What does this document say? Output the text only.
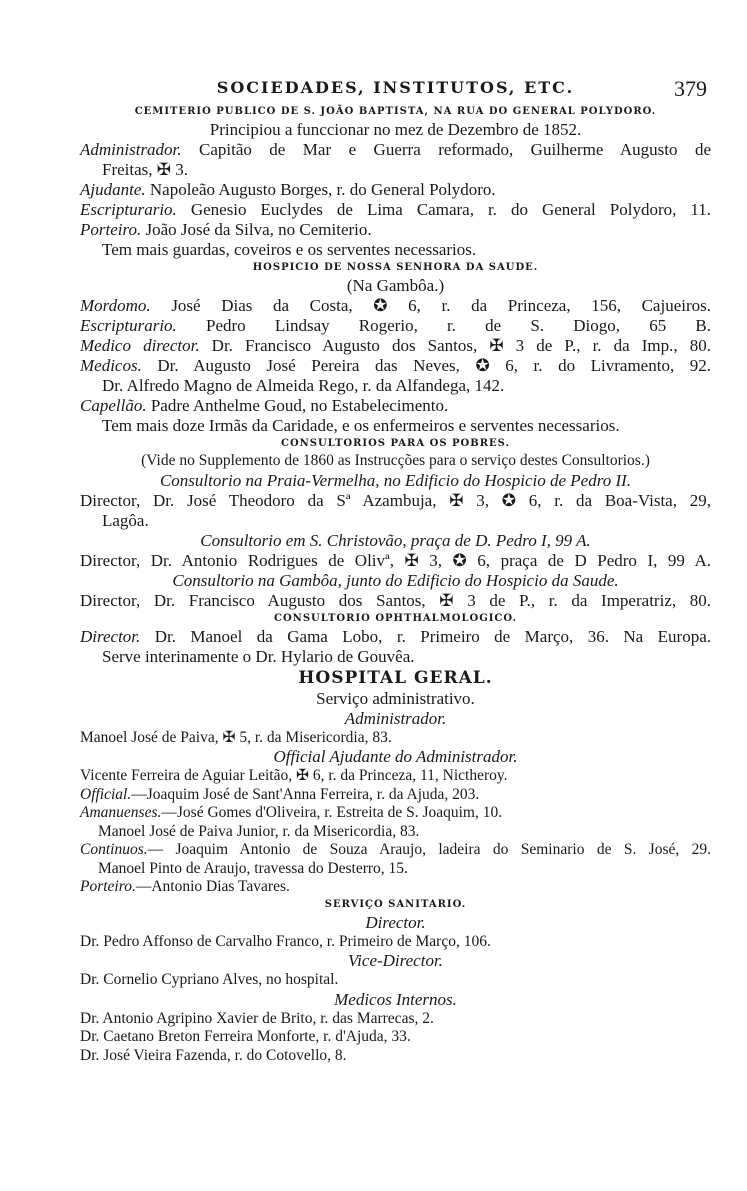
SOCIEDADES, INSTITUTOS, ETC.	379
CEMITERIO PUBLICO DE S. JOÃO BAPTISTA, NA RUA DO GENERAL POLYDORO.
Principiou a funccionar no mez de Dezembro de 1852.
Administrador. Capitão de Mar e Guerra reformado, Guilherme Augusto de
Freitas, ✠ 3.
Ajudante. Napoleão Augusto Borges, r. do General Polydoro.
Escripturario. Genesio Euclydes de Lima Camara, r. do General Polydoro, 11.
Porteiro. João José da Silva, no Cemiterio.
Tem mais guardas, coveiros e os serventes necessarios.
HOSPICIO DE NOSSA SENHORA DA SAUDE.
(Na Gambôa.)
Mordomo. José Dias da Costa, ✪ 6, r. da Princeza, 156, Cajueiros.
Escripturario. Pedro Lindsay Rogerio, r. de S. Diogo, 65 B.
Medico director. Dr. Francisco Augusto dos Santos, ✠ 3 de P., r. da Imp., 80.
Medicos. Dr. Augusto José Pereira das Neves, ✪ 6, r. do Livramento, 92.
Dr. Alfredo Magno de Almeida Rego, r. da Alfandega, 142.
Capellão. Padre Anthelme Goud, no Estabelecimento.
Tem mais doze Irmãs da Caridade, e os enfermeiros e serventes necessarios.
CONSULTORIOS PARA OS POBRES.
(Vide no Supplemento de 1860 as Instrucções para o serviço destes Consultorios.)
Consultorio na Praia-Vermelha, no Edificio do Hospicio de Pedro II.
Director, Dr. José Theodoro da Sª Azambuja, ✠ 3, ✪ 6, r. da Boa-Vista, 29,
Lagôa.
Consultorio em S. Christovão, praça de D. Pedro I, 99 A.
Director, Dr. Antonio Rodrigues de Olivª, ✠ 3, ✪ 6, praça de D Pedro I, 99 A.
Consultorio na Gambôa, junto do Edificio do Hospicio da Saude.
Director, Dr. Francisco Augusto dos Santos, ✠ 3 de P., r. da Imperatriz, 80.
CONSULTORIO OPHTHALMOLOGICO.
Director. Dr. Manoel da Gama Lobo, r. Primeiro de Março, 36. Na Europa.
Serve interinamente o Dr. Hylario de Gouvêa.
HOSPITAL GERAL.
Serviço administrativo.
Administrador.
Manoel José de Paiva, ✠ 5, r. da Misericordia, 83.
Official Ajudante do Administrador.
Vicente Ferreira de Aguiar Leitão, ✠ 6, r. da Princeza, 11, Nictheroy.
Official.—Joaquim José de Sant'Anna Ferreira, r. da Ajuda, 203.
Amanuenses.—José Gomes d'Oliveira, r. Estreita de S. Joaquim, 10.
Manoel José de Paiva Junior, r. da Misericordia, 83.
Continuos.— Joaquim Antonio de Souza Araujo, ladeira do Seminario de S. José, 29.
Manoel Pinto de Araujo, travessa do Desterro, 15.
Porteiro.—Antonio Dias Tavares.
SERVIÇO SANITARIO.
Director.
Dr. Pedro Affonso de Carvalho Franco, r. Primeiro de Março, 106.
Vice-Director.
Dr. Cornelio Cypriano Alves, no hospital.
Medicos Internos.
Dr. Antonio Agripino Xavier de Brito, r. das Marrecas, 2.
Dr. Caetano Breton Ferreira Monforte, r. d'Ajuda, 33.
Dr. José Vieira Fazenda, r. do Cotovello, 8.
